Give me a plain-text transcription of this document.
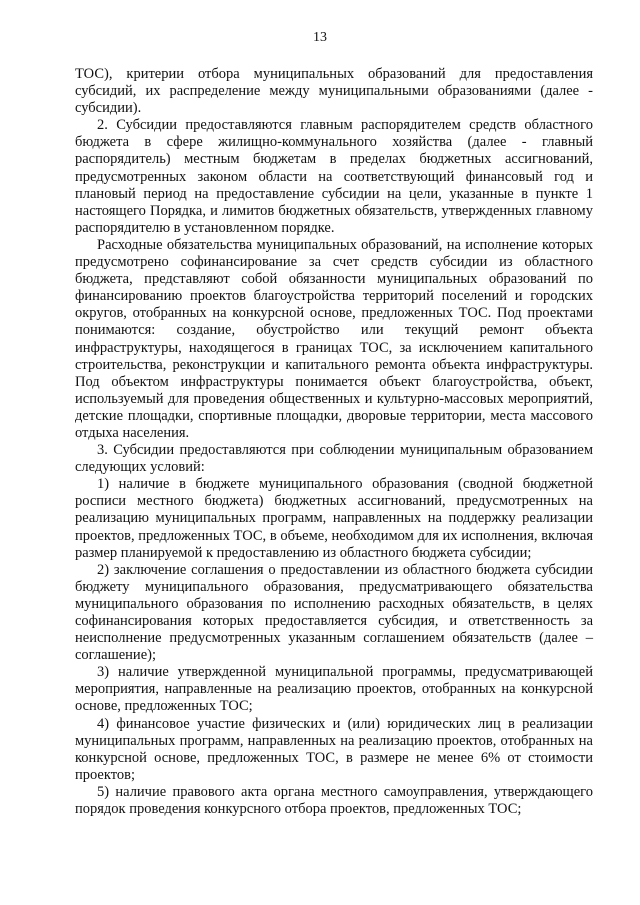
13

ТОС), критерии отбора муниципальных образований для предоставления субсидий, их распределение между муниципальными образованиями (далее - субсидии).

2. Субсидии предоставляются главным распорядителем средств областного бюджета в сфере жилищно-коммунального хозяйства (далее - главный распорядитель) местным бюджетам в пределах бюджетных ассигнований, предусмотренных законом области на соответствующий финансовый год и плановый период на предоставление субсидии на цели, указанные в пункте 1 настоящего Порядка, и лимитов бюджетных обязательств, утвержденных главному распорядителю в установленном порядке.

Расходные обязательства муниципальных образований, на исполнение которых предусмотрено софинансирование за счет средств субсидии из областного бюджета, представляют собой обязанности муниципальных образований по финансированию проектов благоустройства территорий поселений и городских округов, отобранных на конкурсной основе, предложенных ТОС. Под проектами понимаются: создание, обустройство или текущий ремонт объекта инфраструктуры, находящегося в границах ТОС, за исключением капитального строительства, реконструкции и капитального ремонта объекта инфраструктуры. Под объектом инфраструктуры понимается объект благоустройства, объект, используемый для проведения общественных и культурно-массовых мероприятий, детские площадки, спортивные площадки, дворовые территории, места массового отдыха населения.

3. Субсидии предоставляются при соблюдении муниципальным образованием следующих условий:

1) наличие в бюджете муниципального образования (сводной бюджетной росписи местного бюджета) бюджетных ассигнований, предусмотренных на реализацию муниципальных программ, направленных на поддержку реализации проектов, предложенных ТОС, в объеме, необходимом для их исполнения, включая размер планируемой к предоставлению из областного бюджета субсидии;

2) заключение соглашения о предоставлении из областного бюджета субсидии бюджету муниципального образования, предусматривающего обязательства муниципального образования по исполнению расходных обязательств, в целях софинансирования которых предоставляется субсидия, и ответственность за неисполнение предусмотренных указанным соглашением обязательств (далее – соглашение);

3) наличие утвержденной муниципальной программы, предусматривающей мероприятия, направленные на реализацию проектов, отобранных на конкурсной основе, предложенных ТОС;

4) финансовое участие физических и (или) юридических лиц в реализации муниципальных программ, направленных на реализацию проектов, отобранных на конкурсной основе, предложенных ТОС, в размере не менее 6% от стоимости проектов;

5) наличие правового акта органа местного самоуправления, утверждающего порядок проведения конкурсного отбора проектов, предложенных ТОС;
